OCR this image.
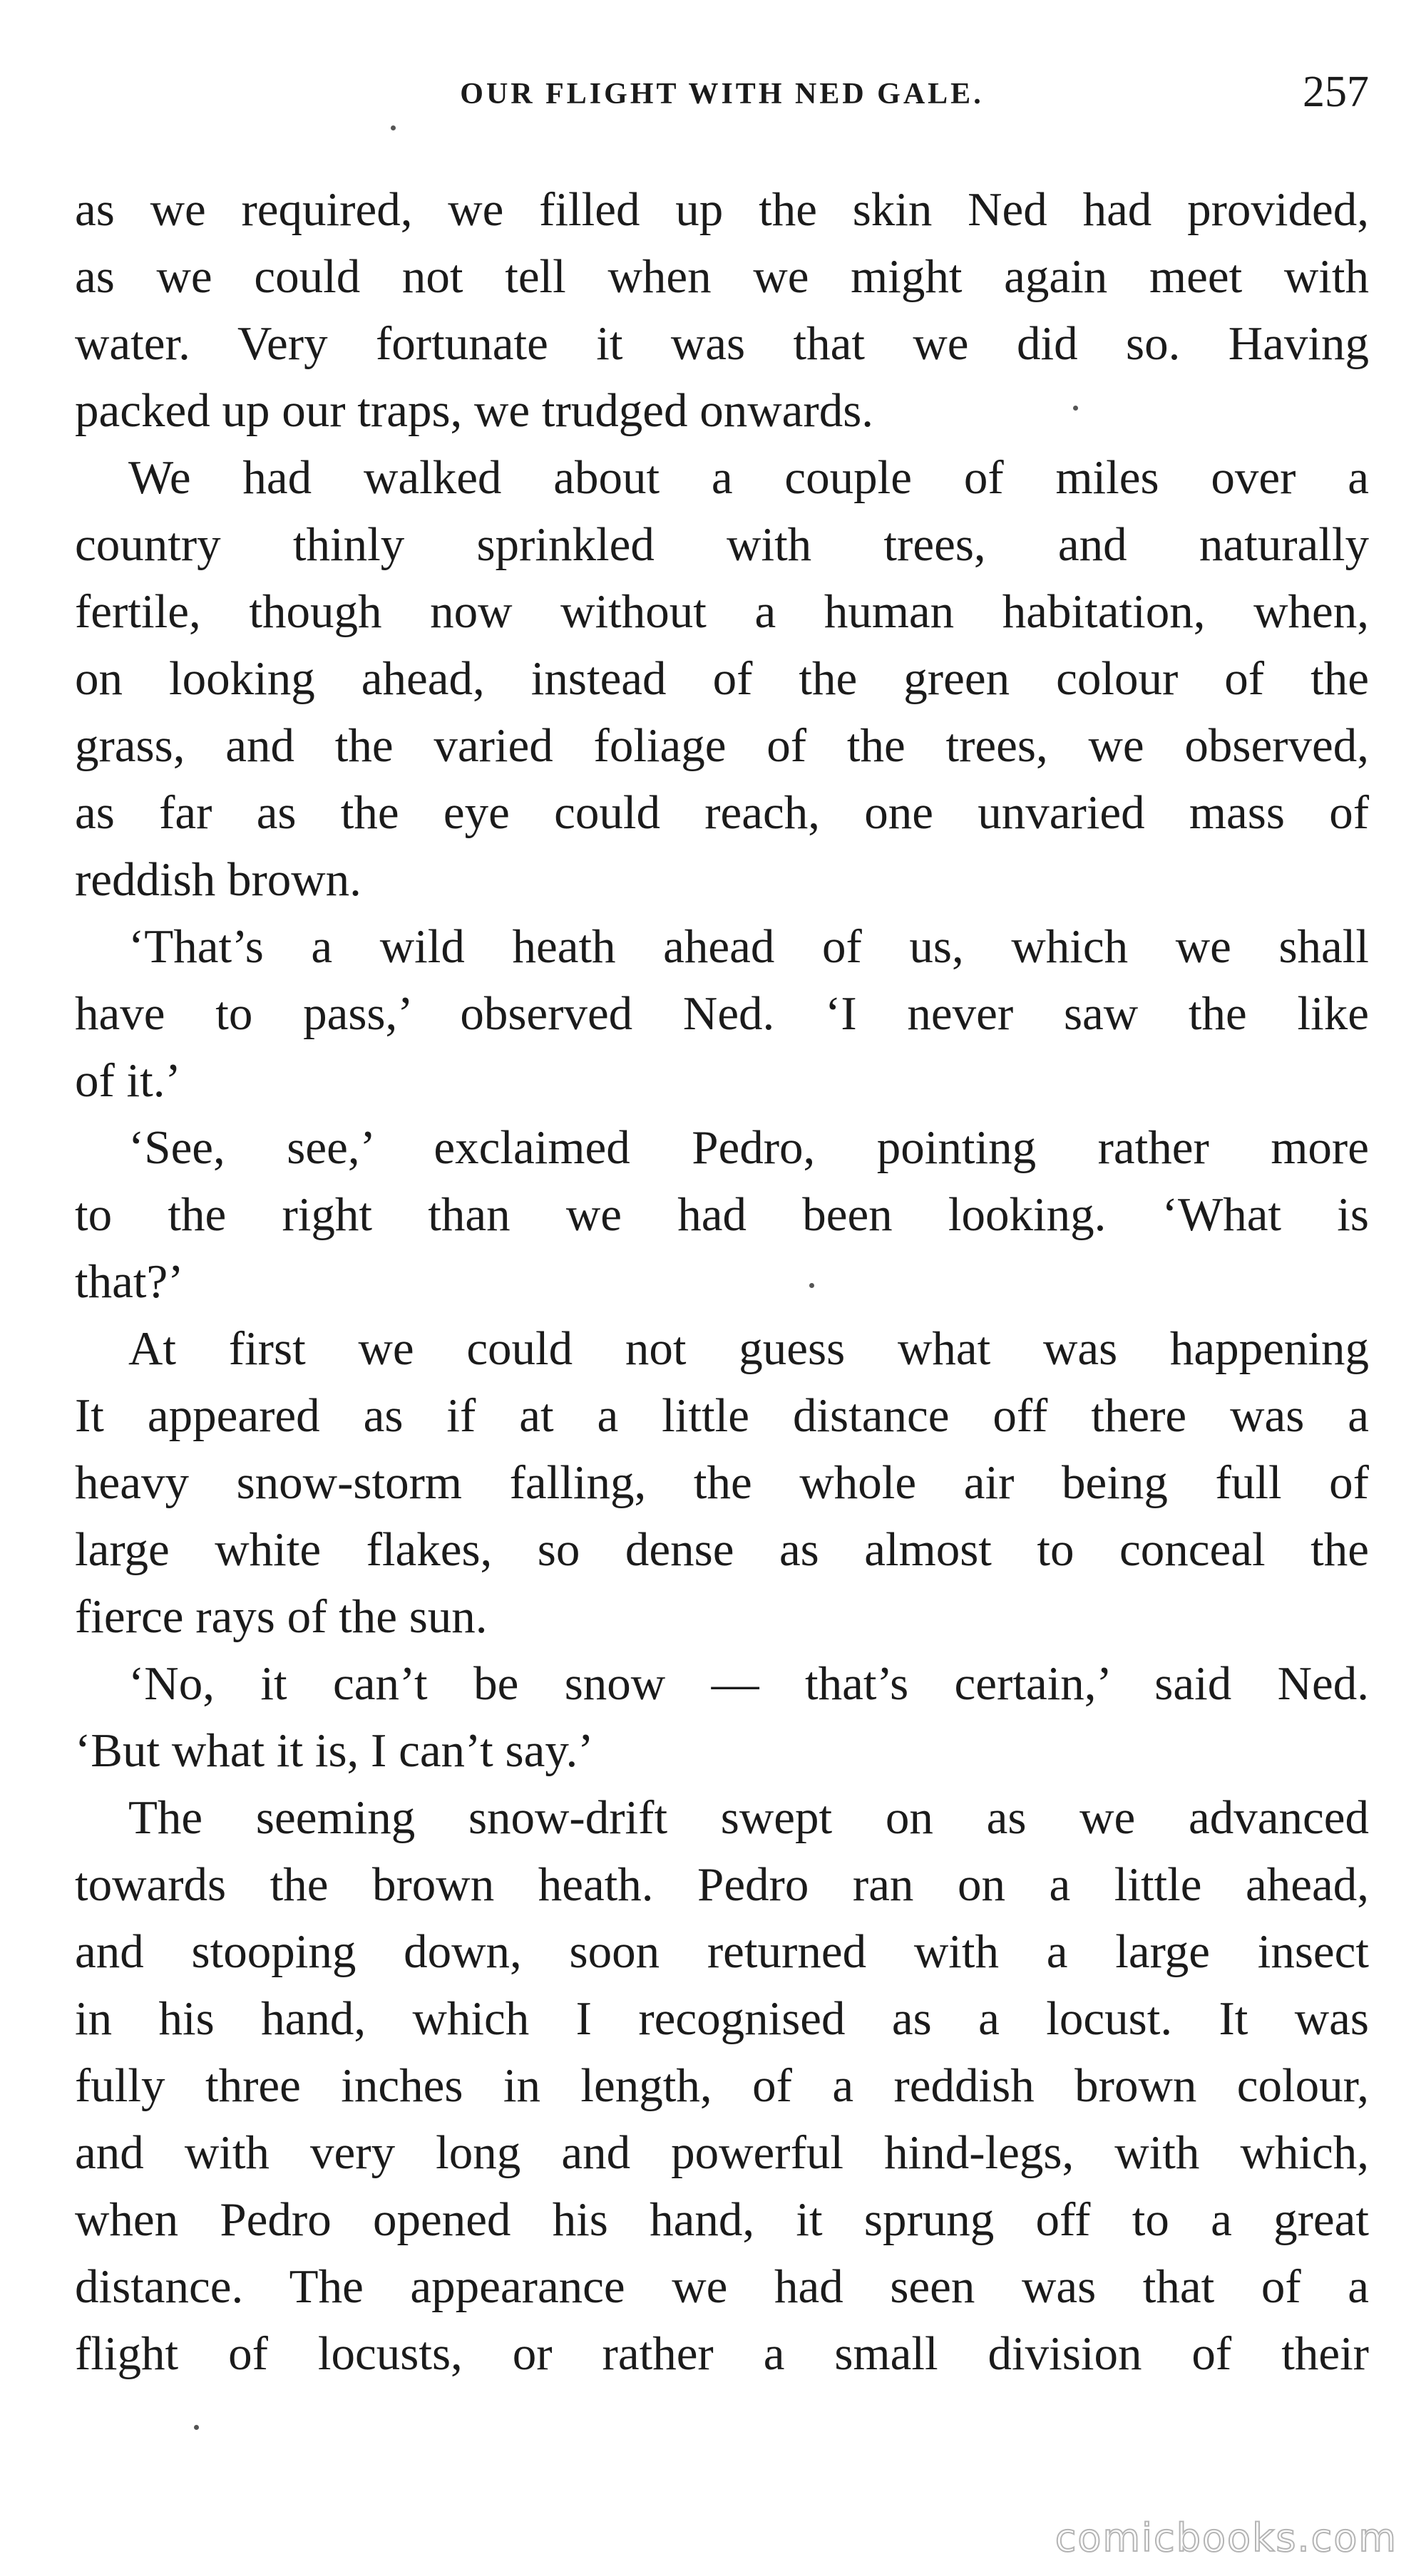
OUR FLIGHT WITH NED GALE.	257
as we required, we filled up the skin Ned had provided,
as we could not tell when we might again meet with
water. Very fortunate it was that we did so. Having
packed up our traps, we trudged onwards.
We had walked about a couple of miles over a
country thinly sprinkled with trees, and naturally
fertile, though now without a human habitation, when,
on looking ahead, instead of the green colour of the
grass, and the varied foliage of the trees, we observed,
as far as the eye could reach, one unvaried mass of
reddish brown.
‘That’s a wild heath ahead of us, which we shall
have to pass,’ observed Ned. ‘I never saw the like
of it.’
‘See, see,’ exclaimed Pedro, pointing rather more
to the right than we had been looking. ‘What is
that?’
At first we could not guess what was happening
It appeared as if at a little distance off there was a
heavy snow-storm falling, the whole air being full of
large white flakes, so dense as almost to conceal the
fierce rays of the sun.
‘No, it can’t be snow — that’s certain,’ said Ned.
‘But what it is, I can’t say.’
The seeming snow-drift swept on as we advanced
towards the brown heath. Pedro ran on a little ahead,
and stooping down, soon returned with a large insect
in his hand, which I recognised as a locust. It was
fully three inches in length, of a reddish brown colour,
and with very long and powerful hind-legs, with which,
when Pedro opened his hand, it sprung off to a great
distance. The appearance we had seen was that of a
flight of locusts, or rather a small division of their
comicbooks.com
